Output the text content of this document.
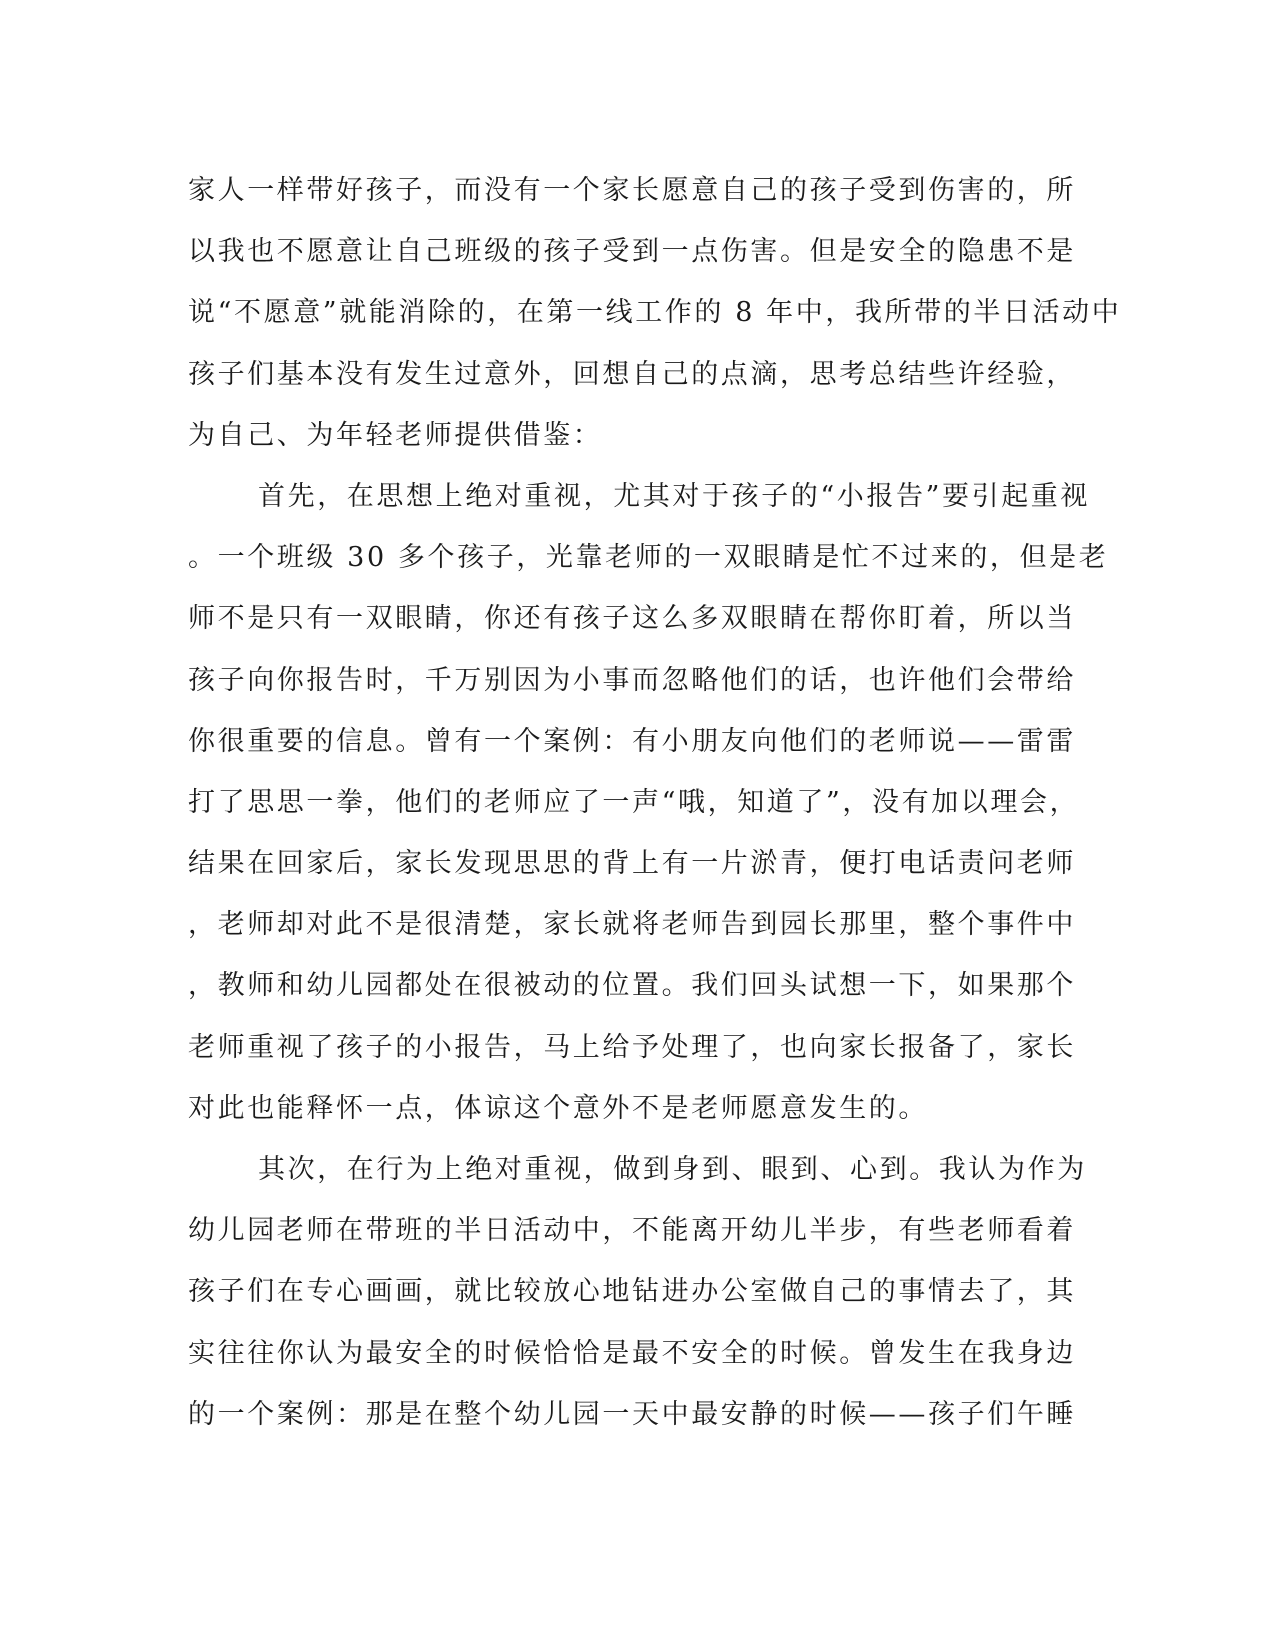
家人一样带好孩子，而没有一个家长愿意自己的孩子受到伤害的，所
以我也不愿意让自己班级的孩子受到一点伤害。但是安全的隐患不是
说“不愿意”就能消除的，在第一线工作的 8 年中，我所带的半日活动中
孩子们基本没有发生过意外，回想自己的点滴，思考总结些许经验，
为自己、为年轻老师提供借鉴：
首先，在思想上绝对重视，尤其对于孩子的“小报告”要引起重视
。一个班级 30 多个孩子，光靠老师的一双眼睛是忙不过来的，但是老
师不是只有一双眼睛，你还有孩子这么多双眼睛在帮你盯着，所以当
孩子向你报告时，千万别因为小事而忽略他们的话，也许他们会带给
你很重要的信息。曾有一个案例：有小朋友向他们的老师说——雷雷
打了思思一拳，他们的老师应了一声“哦，知道了”，没有加以理会，
结果在回家后，家长发现思思的背上有一片淤青，便打电话责问老师
，老师却对此不是很清楚，家长就将老师告到园长那里，整个事件中
，教师和幼儿园都处在很被动的位置。我们回头试想一下，如果那个
老师重视了孩子的小报告，马上给予处理了，也向家长报备了，家长
对此也能释怀一点，体谅这个意外不是老师愿意发生的。
其次，在行为上绝对重视，做到身到、眼到、心到。我认为作为
幼儿园老师在带班的半日活动中，不能离开幼儿半步，有些老师看着
孩子们在专心画画，就比较放心地钻进办公室做自己的事情去了，其
实往往你认为最安全的时候恰恰是最不安全的时候。曾发生在我身边
的一个案例：那是在整个幼儿园一天中最安静的时候——孩子们午睡
